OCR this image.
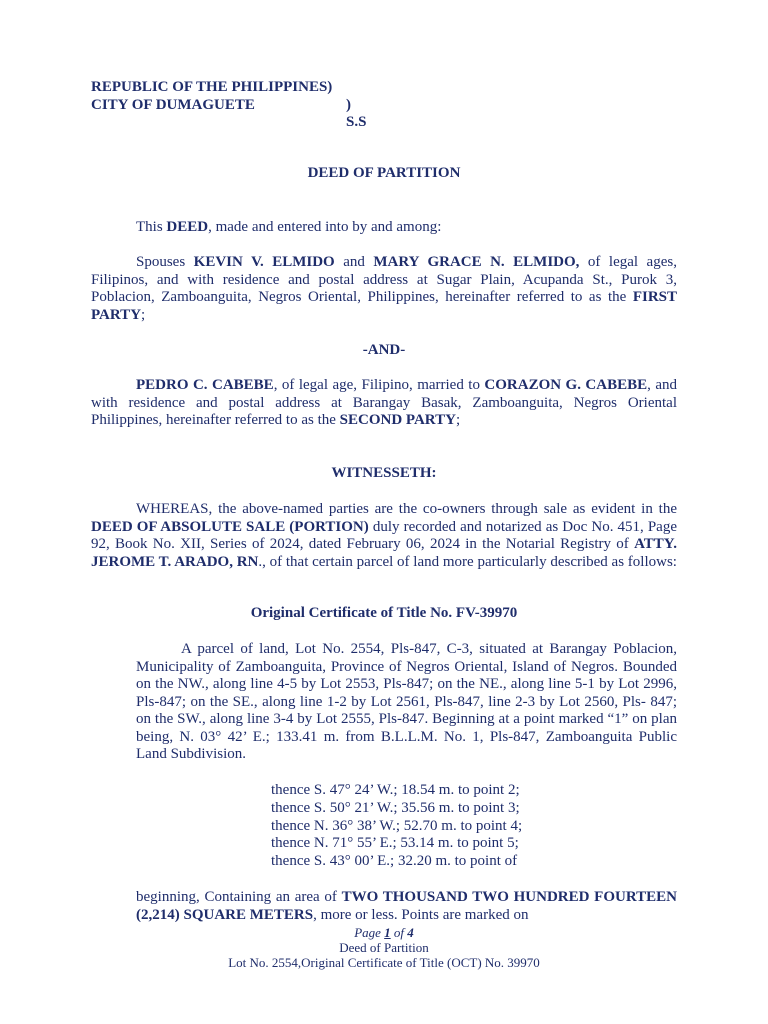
REPUBLIC OF THE PHILIPPINES)
CITY OF DUMAGUETE	) S.S
DEED OF PARTITION
This DEED, made and entered into by and among:
Spouses KEVIN V. ELMIDO and MARY GRACE N. ELMIDO, of legal ages, Filipinos, and with residence and postal address at Sugar Plain, Acupanda St., Purok 3, Poblacion, Zamboanguita, Negros Oriental, Philippines, hereinafter referred to as the FIRST PARTY;
-AND-
PEDRO C. CABEBE, of legal age, Filipino, married to CORAZON G. CABEBE, and with residence and postal address at Barangay Basak, Zamboanguita, Negros Oriental Philippines, hereinafter referred to as the SECOND PARTY;
WITNESSETH:
WHEREAS, the above-named parties are the co-owners through sale as evident in the DEED OF ABSOLUTE SALE (PORTION) duly recorded and notarized as Doc No. 451, Page 92, Book No. XII, Series of 2024, dated February 06, 2024 in the Notarial Registry of ATTY. JEROME T. ARADO, RN., of that certain parcel of land more particularly described as follows:
Original Certificate of Title No. FV-39970
A parcel of land, Lot No. 2554, Pls-847, C-3, situated at Barangay Poblacion, Municipality of Zamboanguita, Province of Negros Oriental, Island of Negros. Bounded on the NW., along line 4-5 by Lot 2553, Pls-847; on the NE., along line 5-1 by Lot 2996, Pls-847; on the SE., along line 1-2 by Lot 2561, Pls-847, line 2-3 by Lot 2560, Pls- 847; on the SW., along line 3-4 by Lot 2555, Pls-847. Beginning at a point marked “1” on plan being, N. 03° 42’ E.; 133.41 m. from B.L.L.M. No. 1, Pls-847, Zamboanguita Public Land Subdivision.
thence S. 47° 24’ W.; 18.54 m. to point 2;
thence S. 50° 21’ W.; 35.56 m. to point 3;
thence N. 36° 38’ W.; 52.70 m. to point 4;
thence N. 71° 55’ E.; 53.14 m. to point 5;
thence S. 43° 00’ E.; 32.20 m. to point of
beginning, Containing an area of TWO THOUSAND TWO HUNDRED FOURTEEN (2,214) SQUARE METERS, more or less. Points are marked on
Page 1 of 4
Deed of Partition
Lot No. 2554,Original Certificate of Title (OCT) No. 39970
